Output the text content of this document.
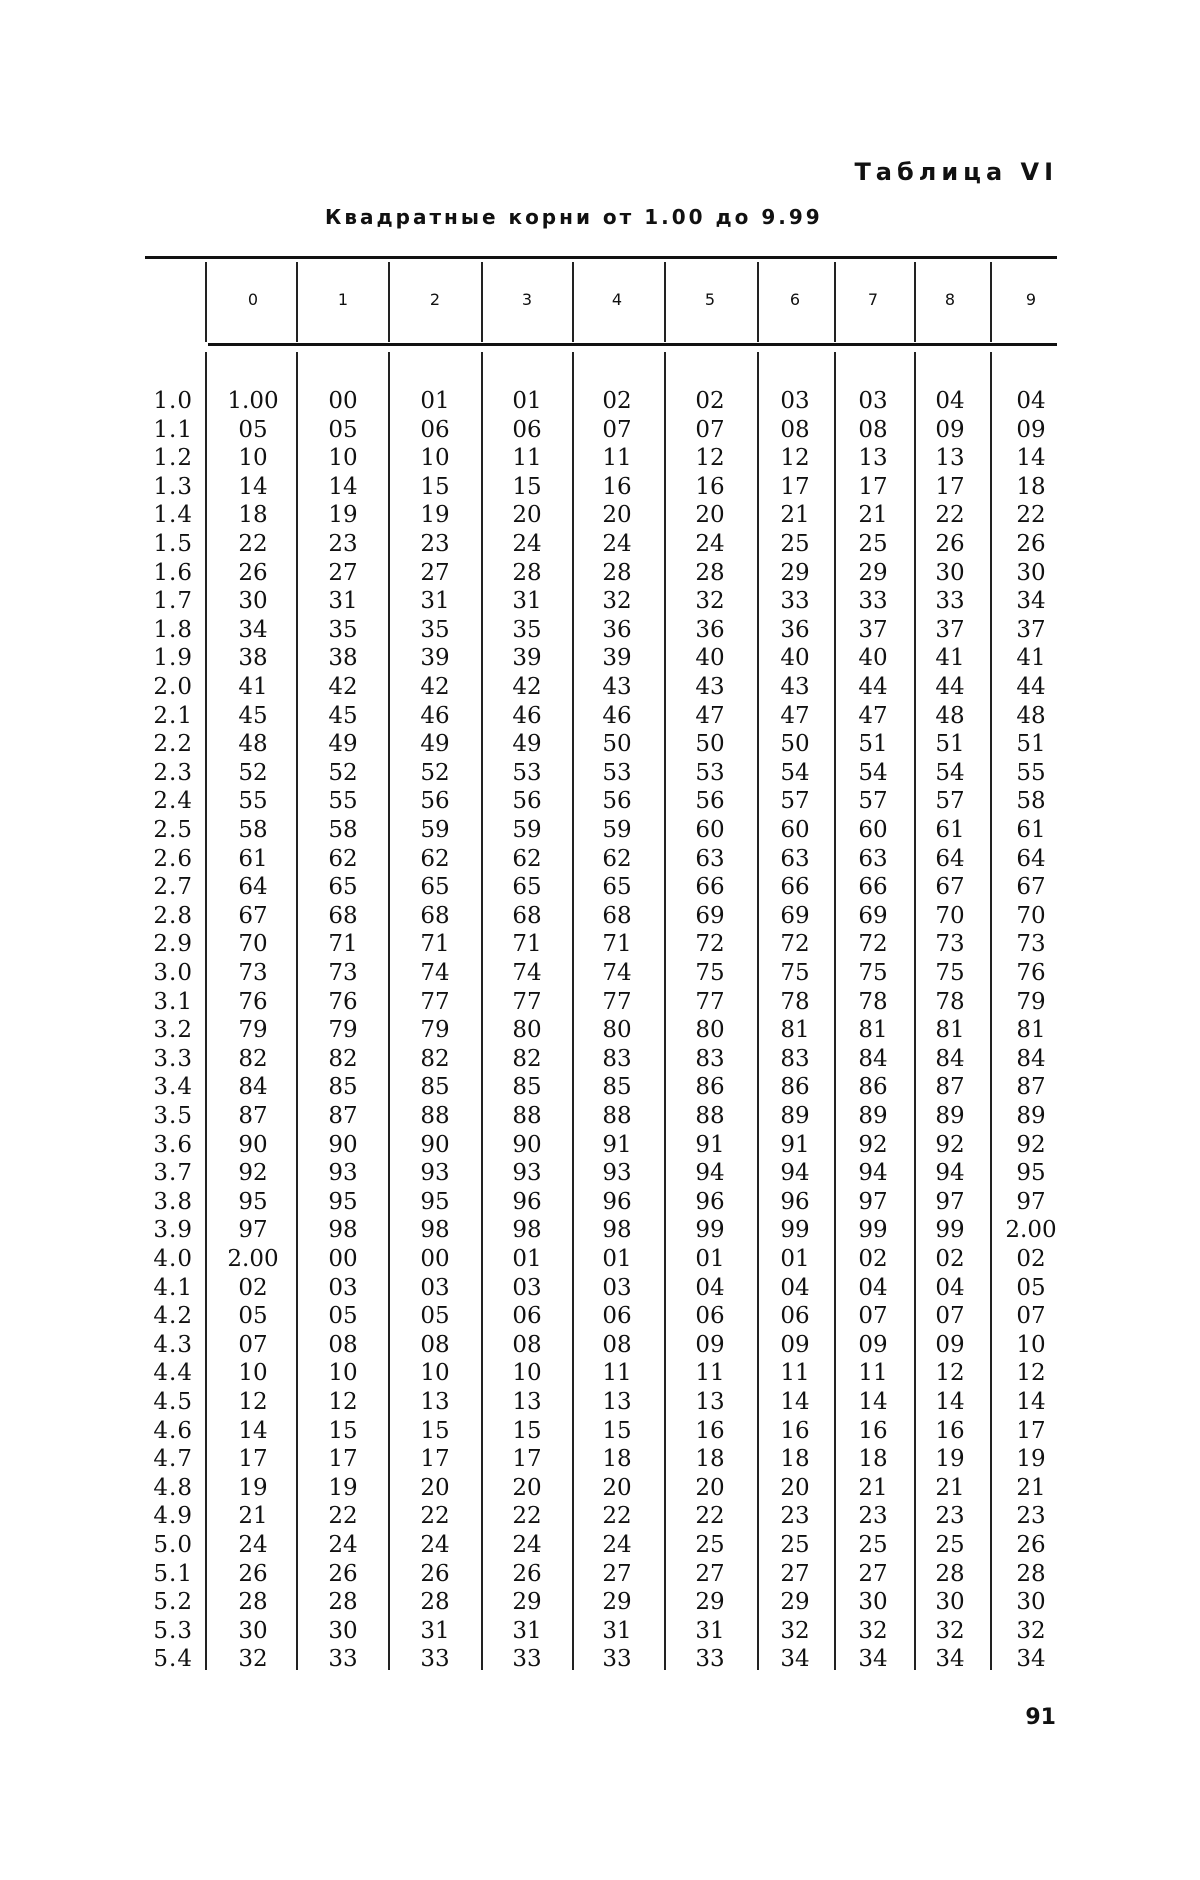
Таблица VI
Квадратные корни от 1.00 до 9.99
0	1	2	3	4	5	6	7	8	9
1.0	1.00	00	01	01	02	02	03	03	04	04
1.1	05	05	06	06	07	07	08	08	09	09
1.2	10	10	10	11	11	12	12	13	13	14
1.3	14	14	15	15	16	16	17	17	17	18
1.4	18	19	19	20	20	20	21	21	22	22
1.5	22	23	23	24	24	24	25	25	26	26
1.6	26	27	27	28	28	28	29	29	30	30
1.7	30	31	31	31	32	32	33	33	33	34
1.8	34	35	35	35	36	36	36	37	37	37
1.9	38	38	39	39	39	40	40	40	41	41
2.0	41	42	42	42	43	43	43	44	44	44
2.1	45	45	46	46	46	47	47	47	48	48
2.2	48	49	49	49	50	50	50	51	51	51
2.3	52	52	52	53	53	53	54	54	54	55
2.4	55	55	56	56	56	56	57	57	57	58
2.5	58	58	59	59	59	60	60	60	61	61
2.6	61	62	62	62	62	63	63	63	64	64
2.7	64	65	65	65	65	66	66	66	67	67
2.8	67	68	68	68	68	69	69	69	70	70
2.9	70	71	71	71	71	72	72	72	73	73
3.0	73	73	74	74	74	75	75	75	75	76
3.1	76	76	77	77	77	77	78	78	78	79
3.2	79	79	79	80	80	80	81	81	81	81
3.3	82	82	82	82	83	83	83	84	84	84
3.4	84	85	85	85	85	86	86	86	87	87
3.5	87	87	88	88	88	88	89	89	89	89
3.6	90	90	90	90	91	91	91	92	92	92
3.7	92	93	93	93	93	94	94	94	94	95
3.8	95	95	95	96	96	96	96	97	97	97
3.9	97	98	98	98	98	99	99	99	99	2.00
4.0	2.00	00	00	01	01	01	01	02	02	02
4.1	02	03	03	03	03	04	04	04	04	05
4.2	05	05	05	06	06	06	06	07	07	07
4.3	07	08	08	08	08	09	09	09	09	10
4.4	10	10	10	10	11	11	11	11	12	12
4.5	12	12	13	13	13	13	14	14	14	14
4.6	14	15	15	15	15	16	16	16	16	17
4.7	17	17	17	17	18	18	18	18	19	19
4.8	19	19	20	20	20	20	20	21	21	21
4.9	21	22	22	22	22	22	23	23	23	23
5.0	24	24	24	24	24	25	25	25	25	26
5.1	26	26	26	26	27	27	27	27	28	28
5.2	28	28	28	29	29	29	29	30	30	30
5.3	30	30	31	31	31	31	32	32	32	32
5.4	32	33	33	33	33	33	34	34	34	34
91
